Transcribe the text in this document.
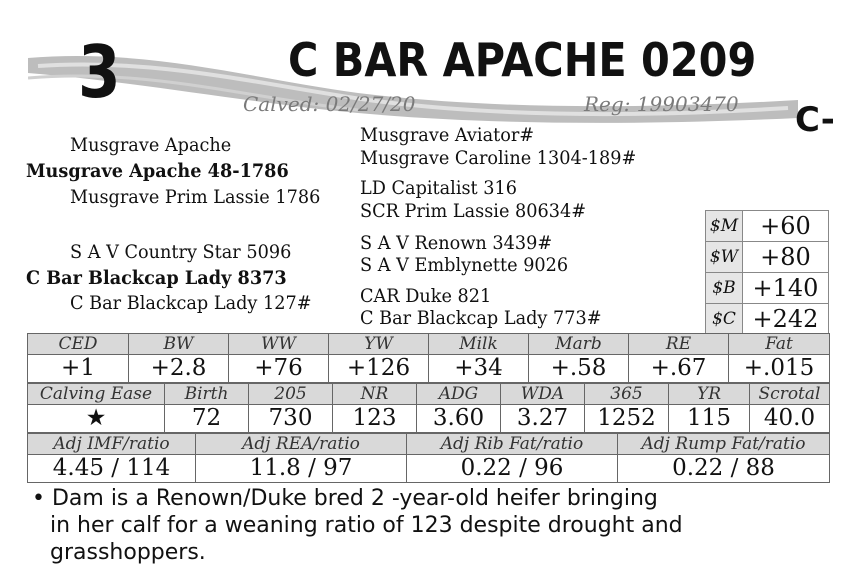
3	C BAR APACHE 0209
Calved: 02/27/20	Reg: 19903470 C-
Musgrave Apache
Musgrave Apache 48-1786
Musgrave Prim Lassie 1786
Musgrave Aviator#
Musgrave Caroline 1304-189#
LD Capitalist 316
SCR Prim Lassie 80634#
S A V Country Star 5096
C Bar Blackcap Lady 8373
C Bar Blackcap Lady 127#
S A V Renown 3439#
S A V Emblynette 9026
CAR Duke 821
C Bar Blackcap Lady 773#
$M	+60
$W	+80
$B	+140
$C	+242
CED	BW	WW	YW	Milk	Marb	RE	Fat
+1	+2.8	+76	+126	+34	+.58	+.67	+.015
Calving Ease	Birth	205	NR	ADG	WDA	365	YR	Scrotal
★	72	730	123	3.60	3.27	1252	115	40.0
Adj IMF/ratio	Adj REA/ratio	Adj Rib Fat/ratio	Adj Rump Fat/ratio
4.45 / 114	11.8 / 97	0.22 / 96	0.22 / 88
• Dam is a Renown/Duke bred 2 -year-old heifer bringing
in her calf for a weaning ratio of 123 despite drought and
grasshoppers.
